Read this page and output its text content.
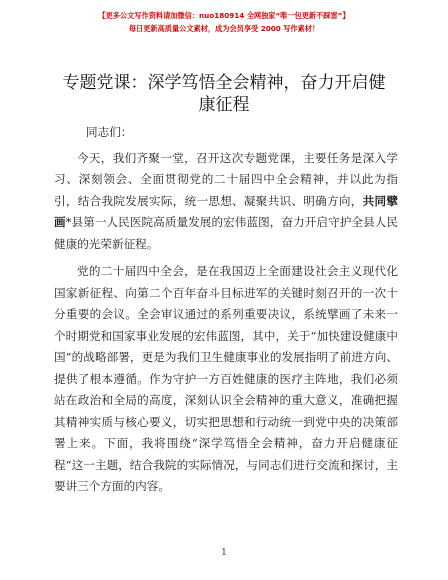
【更多公文写作资料请加微信：nuo180914 全网独家“唯一包更新不踩雷”】
每日更新高质量公文素材，成为会员享受 2000 写作素材！
专题党课：深学笃悟全会精神，奋力开启健康征程

同志们：

今天，我们齐聚一堂，召开这次专题党课，主要任务是深入学习、深刻领会、全面贯彻党的二十届四中全会精神，并以此为指引，结合我院发展实际，统一思想、凝聚共识、明确方向，共同擘画*县第一人民医院高质量发展的宏伟蓝图，奋力开启守护全县人民健康的光荣新征程。

党的二十届四中全会，是在我国迈上全面建设社会主义现代化国家新征程、向第二个百年奋斗目标进军的关键时刻召开的一次十分重要的会议。全会审议通过的系列重要决议，系统擘画了未来一个时期党和国家事业发展的宏伟蓝图，其中，关于“加快建设健康中国”的战略部署，更是为我们卫生健康事业的发展指明了前进方向、提供了根本遵循。作为守护一方百姓健康的医疗主阵地，我们必须站在政治和全局的高度，深刻认识全会精神的重大意义，准确把握其精神实质与核心要义，切实把思想和行动统一到党中央的决策部署上来。下面，我将围绕“深学笃悟全会精神，奋力开启健康征程”这一主题，结合我院的实际情况，与同志们进行交流和探讨，主要讲三个方面的内容。

1
